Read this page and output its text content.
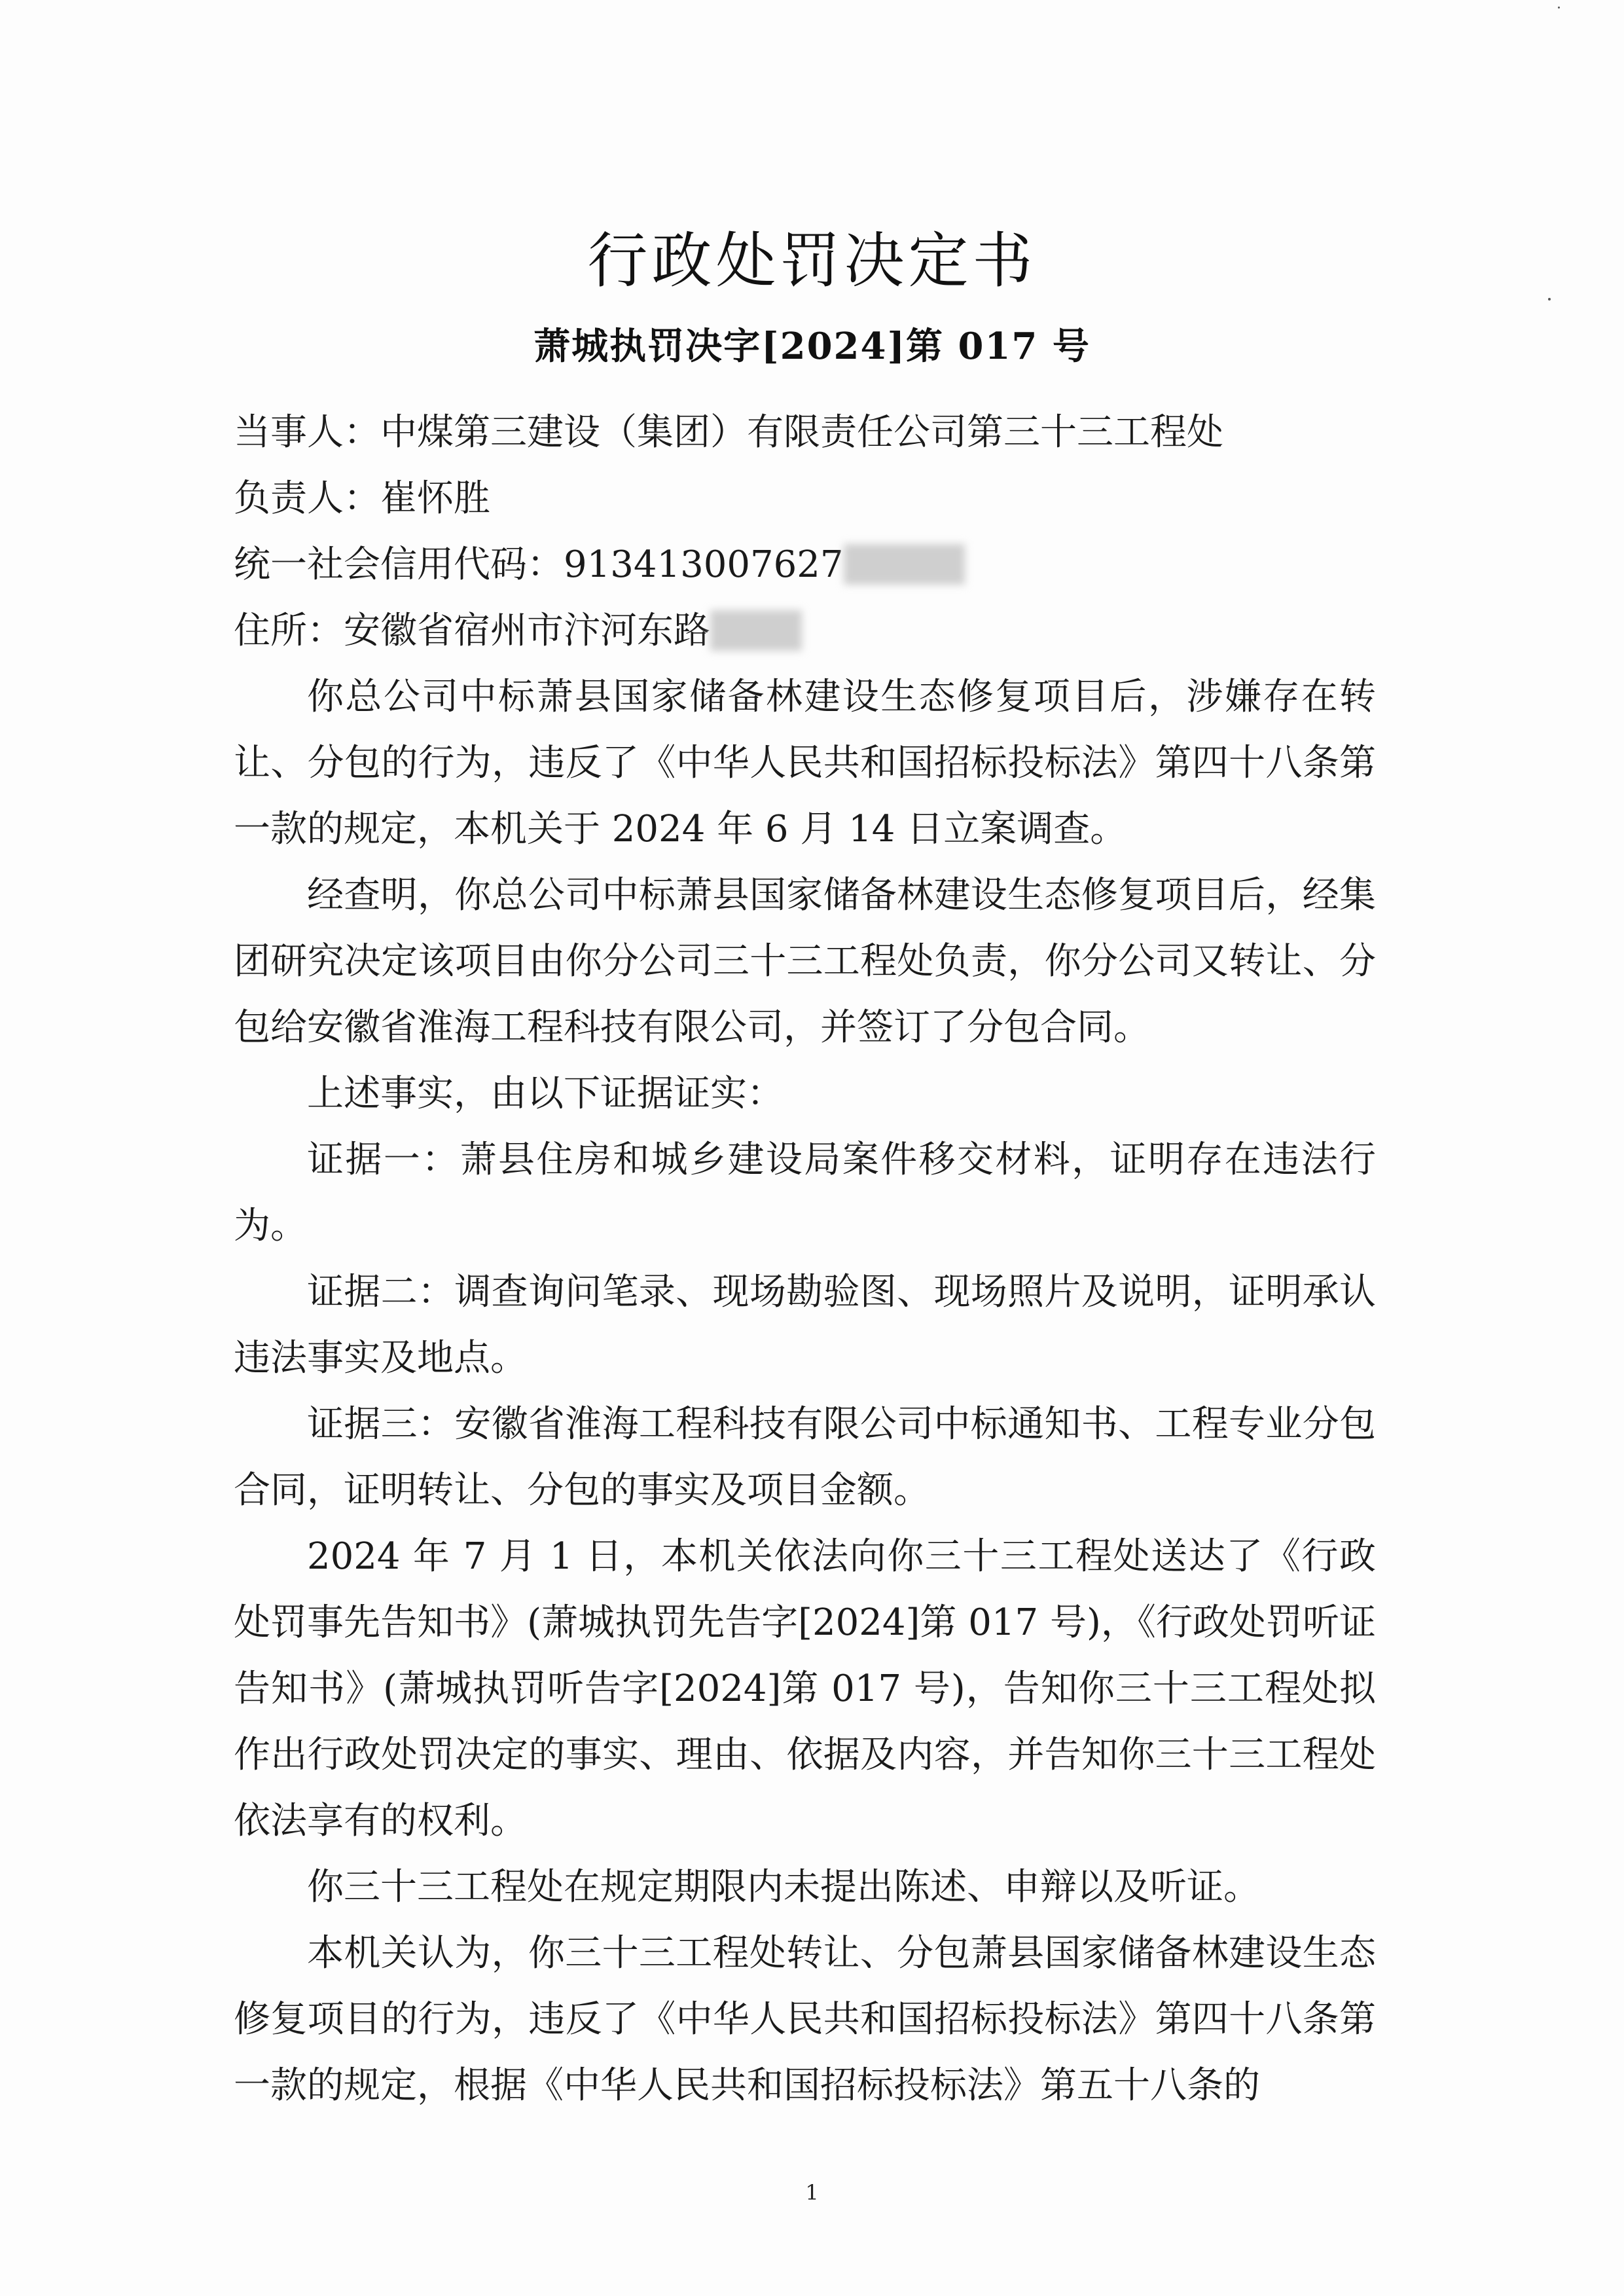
行政处罚决定书
萧城执罚决字[2024]第 017 号
当事人：中煤第三建设（集团）有限责任公司第三十三工程处
负责人：崔怀胜
统一社会信用代码：913413007627
住所：安徽省宿州市汴河东路

你总公司中标萧县国家储备林建设生态修复项目后，涉嫌存在转让、分包的行为，违反了《中华人民共和国招标投标法》第四十八条第一款的规定，本机关于 2024 年 6 月 14 日立案调查。

经查明，你总公司中标萧县国家储备林建设生态修复项目后，经集团研究决定该项目由你分公司三十三工程处负责，你分公司又转让、分包给安徽省淮海工程科技有限公司，并签订了分包合同。

上述事实，由以下证据证实：

证据一：萧县住房和城乡建设局案件移交材料，证明存在违法行为。

证据二：调查询问笔录、现场勘验图、现场照片及说明，证明承认违法事实及地点。

证据三：安徽省淮海工程科技有限公司中标通知书、工程专业分包合同，证明转让、分包的事实及项目金额。

2024 年 7 月 1 日，本机关依法向你三十三工程处送达了《行政处罚事先告知书》(萧城执罚先告字[2024]第 017 号)，《行政处罚听证告知书》(萧城执罚听告字[2024]第 017 号)，告知你三十三工程处拟作出行政处罚决定的事实、理由、依据及内容，并告知你三十三工程处依法享有的权利。

你三十三工程处在规定期限内未提出陈述、申辩以及听证。

本机关认为，你三十三工程处转让、分包萧县国家储备林建设生态修复项目的行为，违反了《中华人民共和国招标投标法》第四十八条第一款的规定，根据《中华人民共和国招标投标法》第五十八条的

1
